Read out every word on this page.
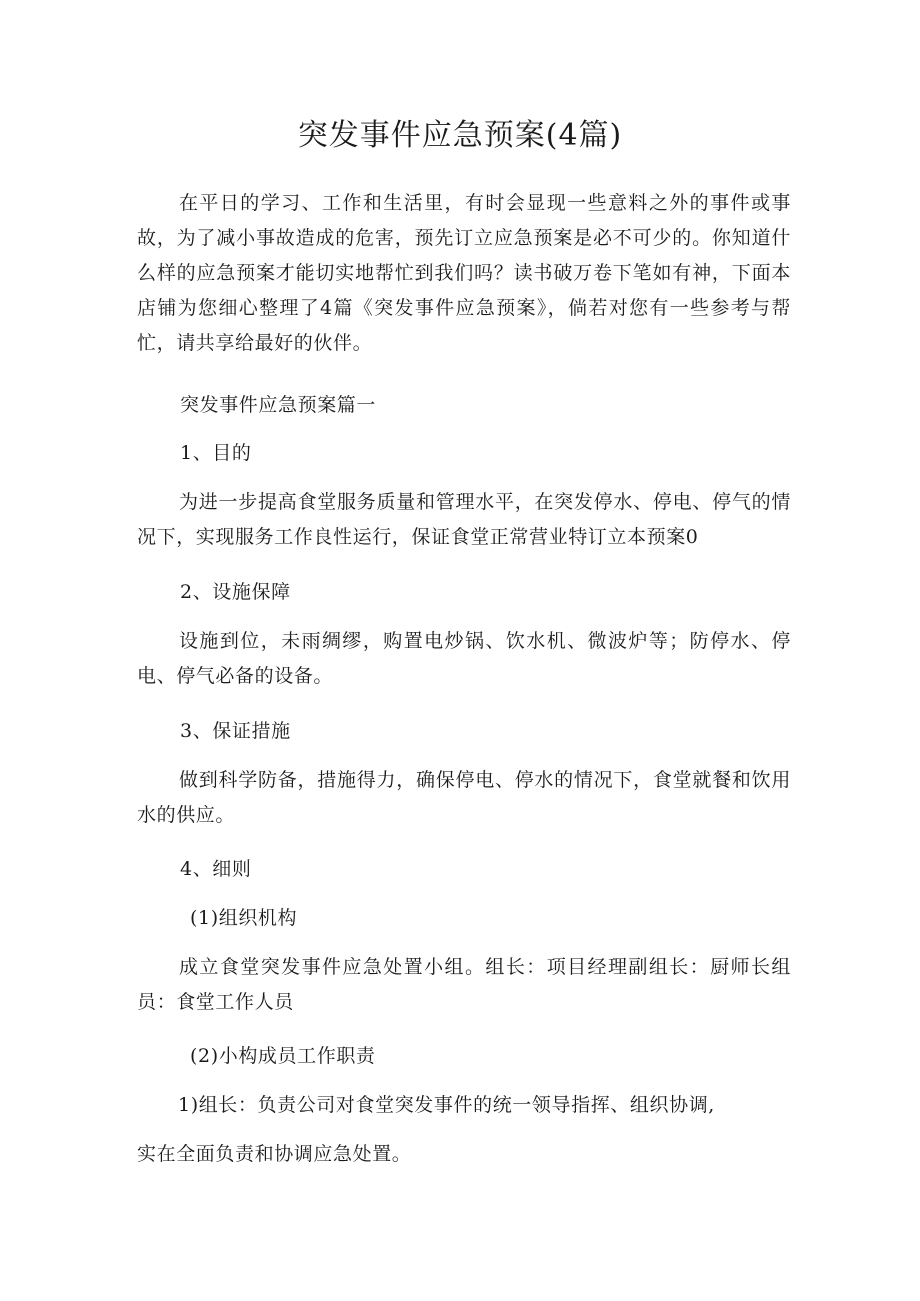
突发事件应急预案(4篇)
在平日的学习、工作和生活里，有时会显现一些意料之外的事件或事故，为了减小事故造成的危害，预先订立应急预案是必不可少的。你知道什么样的应急预案才能切实地帮忙到我们吗？读书破万卷下笔如有神，下面本店铺为您细心整理了4篇《突发事件应急预案》，倘若对您有一些参考与帮忙，请共享给最好的伙伴。
突发事件应急预案篇一
1、目的
为进一步提高食堂服务质量和管理水平，在突发停水、停电、停气的情况下，实现服务工作良性运行，保证食堂正常营业特订立本预案0
2、设施保障
设施到位，未雨绸缪，购置电炒锅、饮水机、微波炉等；防停水、停电、停气必备的设备。
3、保证措施
做到科学防备，措施得力，确保停电、停水的情况下，食堂就餐和饮用水的供应。
4、细则
(1)组织机构
成立食堂突发事件应急处置小组。组长：项目经理副组长：厨师长组员：食堂工作人员
(2)小构成员工作职责
1)组长：负责公司对食堂突发事件的统一领导指挥、组织协调,
实在全面负责和协调应急处置。
